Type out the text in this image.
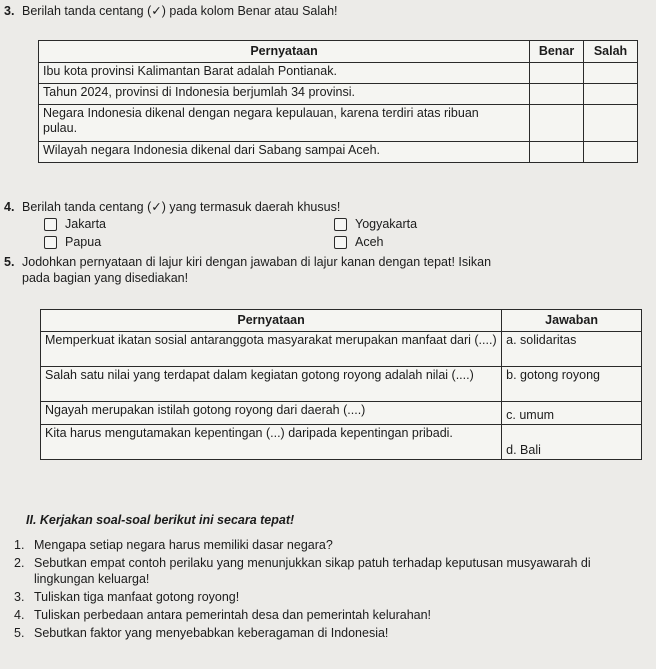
3. Berilah tanda centang (✓) pada kolom Benar atau Salah!
Pernyataan	Benar	Salah
Ibu kota provinsi Kalimantan Barat adalah Pontianak.		
Tahun 2024, provinsi di Indonesia berjumlah 34 provinsi.		
Negara Indonesia dikenal dengan negara kepulauan, karena terdiri atas ribuan pulau.		
Wilayah negara Indonesia dikenal dari Sabang sampai Aceh.		
4. Berilah tanda centang (✓) yang termasuk daerah khusus!
Jakarta	Yogyakarta
Papua	Aceh
5. Jodohkan pernyataan di lajur kiri dengan jawaban di lajur kanan dengan tepat! Isikan
pada bagian yang disediakan!
Pernyataan	Jawaban
Memperkuat ikatan sosial antaranggota masyarakat merupakan manfaat dari (....)	a. solidaritas
Salah satu nilai yang terdapat dalam kegiatan gotong royong adalah nilai (....)	b. gotong royong
Ngayah merupakan istilah gotong royong dari daerah (....)	c. umum
Kita harus mengutamakan kepentingan (...) daripada kepentingan pribadi.	d. Bali
II. Kerjakan soal-soal berikut ini secara tepat!
1. Mengapa setiap negara harus memiliki dasar negara?
2. Sebutkan empat contoh perilaku yang menunjukkan sikap patuh terhadap keputusan musyawarah di lingkungan keluarga!
3. Tuliskan tiga manfaat gotong royong!
4. Tuliskan perbedaan antara pemerintah desa dan pemerintah kelurahan!
5. Sebutkan faktor yang menyebabkan keberagaman di Indonesia!
